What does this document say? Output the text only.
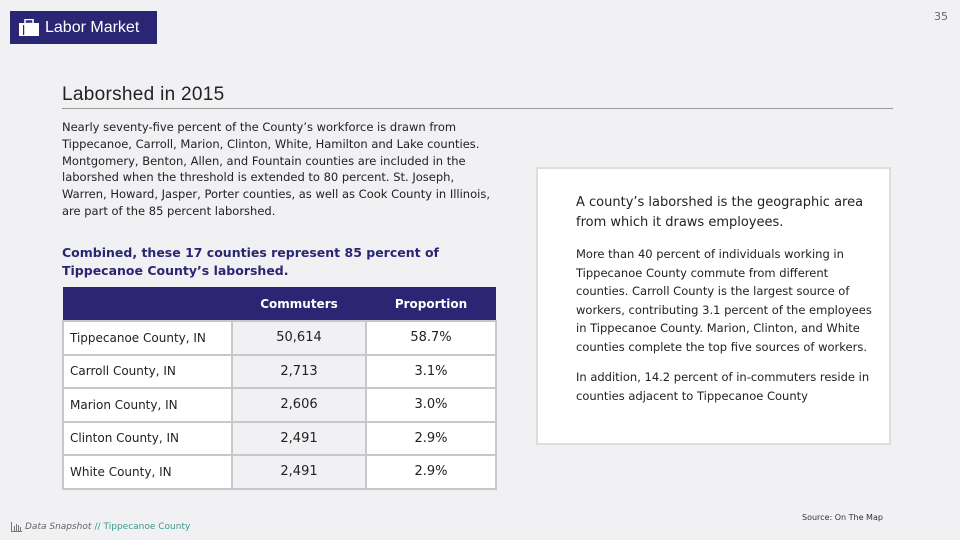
Labor Market
35
Laborshed in 2015
Nearly seventy-five percent of the County’s workforce is drawn from Tippecanoe, Carroll, Marion, Clinton, White, Hamilton and Lake counties. Montgomery, Benton, Allen, and Fountain counties are included in the laborshed when the threshold is extended to 80 percent. St. Joseph, Warren, Howard, Jasper, Porter counties, as well as Cook County in Illinois, are part of the 85 percent laborshed.
Combined, these 17 counties represent 85 percent of Tippecanoe County’s laborshed.
	Commuters	Proportion
Tippecanoe County, IN	50,614	58.7%
Carroll County, IN	2,713	3.1%
Marion County, IN	2,606	3.0%
Clinton County, IN	2,491	2.9%
White County, IN	2,491	2.9%
A county’s laborshed is the geographic area from which it draws employees.

More than 40 percent of individuals working in Tippecanoe County commute from different counties. Carroll County is the largest source of workers, contributing 3.1 percent of the employees in Tippecanoe County. Marion, Clinton, and White counties complete the top five sources of workers.

In addition, 14.2 percent of in-commuters reside in counties adjacent to Tippecanoe County

Source: On The Map
Data Snapshot // Tippecanoe County
